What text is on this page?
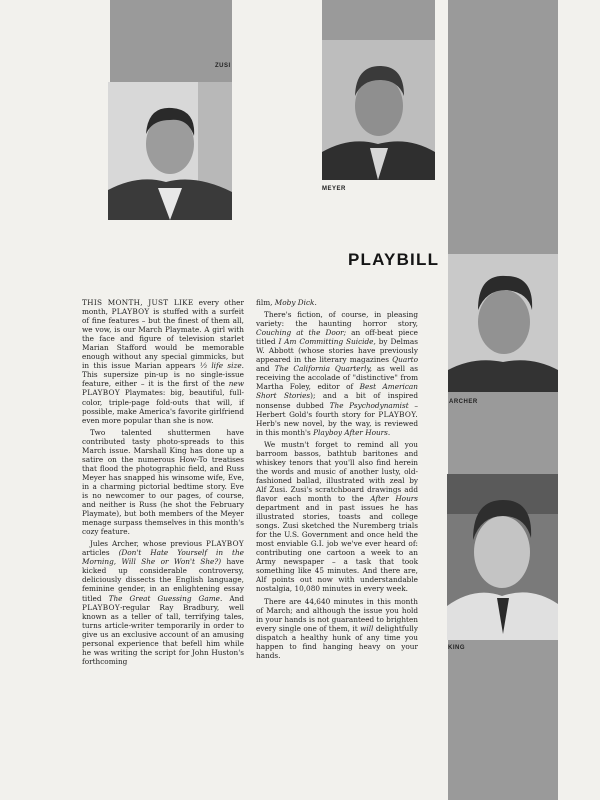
ZUSI
MEYER
ARCHER
KING
PLAYBILL

THIS MONTH, JUST LIKE every other month, PLAYBOY is stuffed with a surfeit of fine features – but the finest of them all, we vow, is our March Playmate. A girl with the face and figure of television starlet Marian Stafford would be memorable enough without any special gimmicks, but in this issue Marian appears ⅓ life size. This supersize pin-up is no single-issue feature, either – it is the first of the new PLAYBOY Playmates: big, beautiful, full-color, triple-page fold-outs that will, if possible, make America's favorite girlfriend even more popular than she is now.

Two talented shuttermen have contributed tasty photo-spreads to this March issue. Marshall King has done up a satire on the numerous How-To treatises that flood the photographic field, and Russ Meyer has snapped his winsome wife, Eve, in a charming pictorial bedtime story. Eve is no newcomer to our pages, of course, and neither is Russ (he shot the February Playmate), but both members of the Meyer menage surpass themselves in this month's cozy feature.

Jules Archer, whose previous PLAYBOY articles (Don't Hate Yourself in the Morning, Will She or Won't She?) have kicked up considerable controversy, deliciously dissects the English language, feminine gender, in an enlightening essay titled The Great Guessing Game. And PLAYBOY-regular Ray Bradbury, well known as a teller of tall, terrifying tales, turns article-writer temporarily in order to give us an exclusive account of an amusing personal experience that befell him while he was writing the script for John Huston's forthcoming

film, Moby Dick.

There's fiction, of course, in pleasing variety: the haunting horror story, Couching at the Door; an off-beat piece titled I Am Committing Suicide, by Delmas W. Abbott (whose stories have previously appeared in the literary magazines Quarto and The California Quarterly, as well as receiving the accolade of "distinctive" from Martha Foley, editor of Best American Short Stories); and a bit of inspired nonsense dubbed The Psychodynamist – Herbert Gold's fourth story for PLAYBOY. Herb's new novel, by the way, is reviewed in this month's Playboy After Hours.

We mustn't forget to remind all you barroom bassos, bathtub baritones and whiskey tenors that you'll also find herein the words and music of another lusty, old-fashioned ballad, illustrated with zeal by Alf Zusi. Zusi's scratchboard drawings add flavor each month to the After Hours department and in past issues he has illustrated stories, toasts and college songs. Zusi sketched the Nuremberg trials for the U.S. Government and once held the most enviable G.I. job we've ever heard of: contributing one cartoon a week to an Army newspaper – a task that took something like 45 minutes. And there are, Alf points out now with understandable nostalgia, 10,080 minutes in every week.

There are 44,640 minutes in this month of March; and although the issue you hold in your hands is not guaranteed to brighten every single one of them, it will delightfully dispatch a healthy hunk of any time you happen to find hanging heavy on your hands.
